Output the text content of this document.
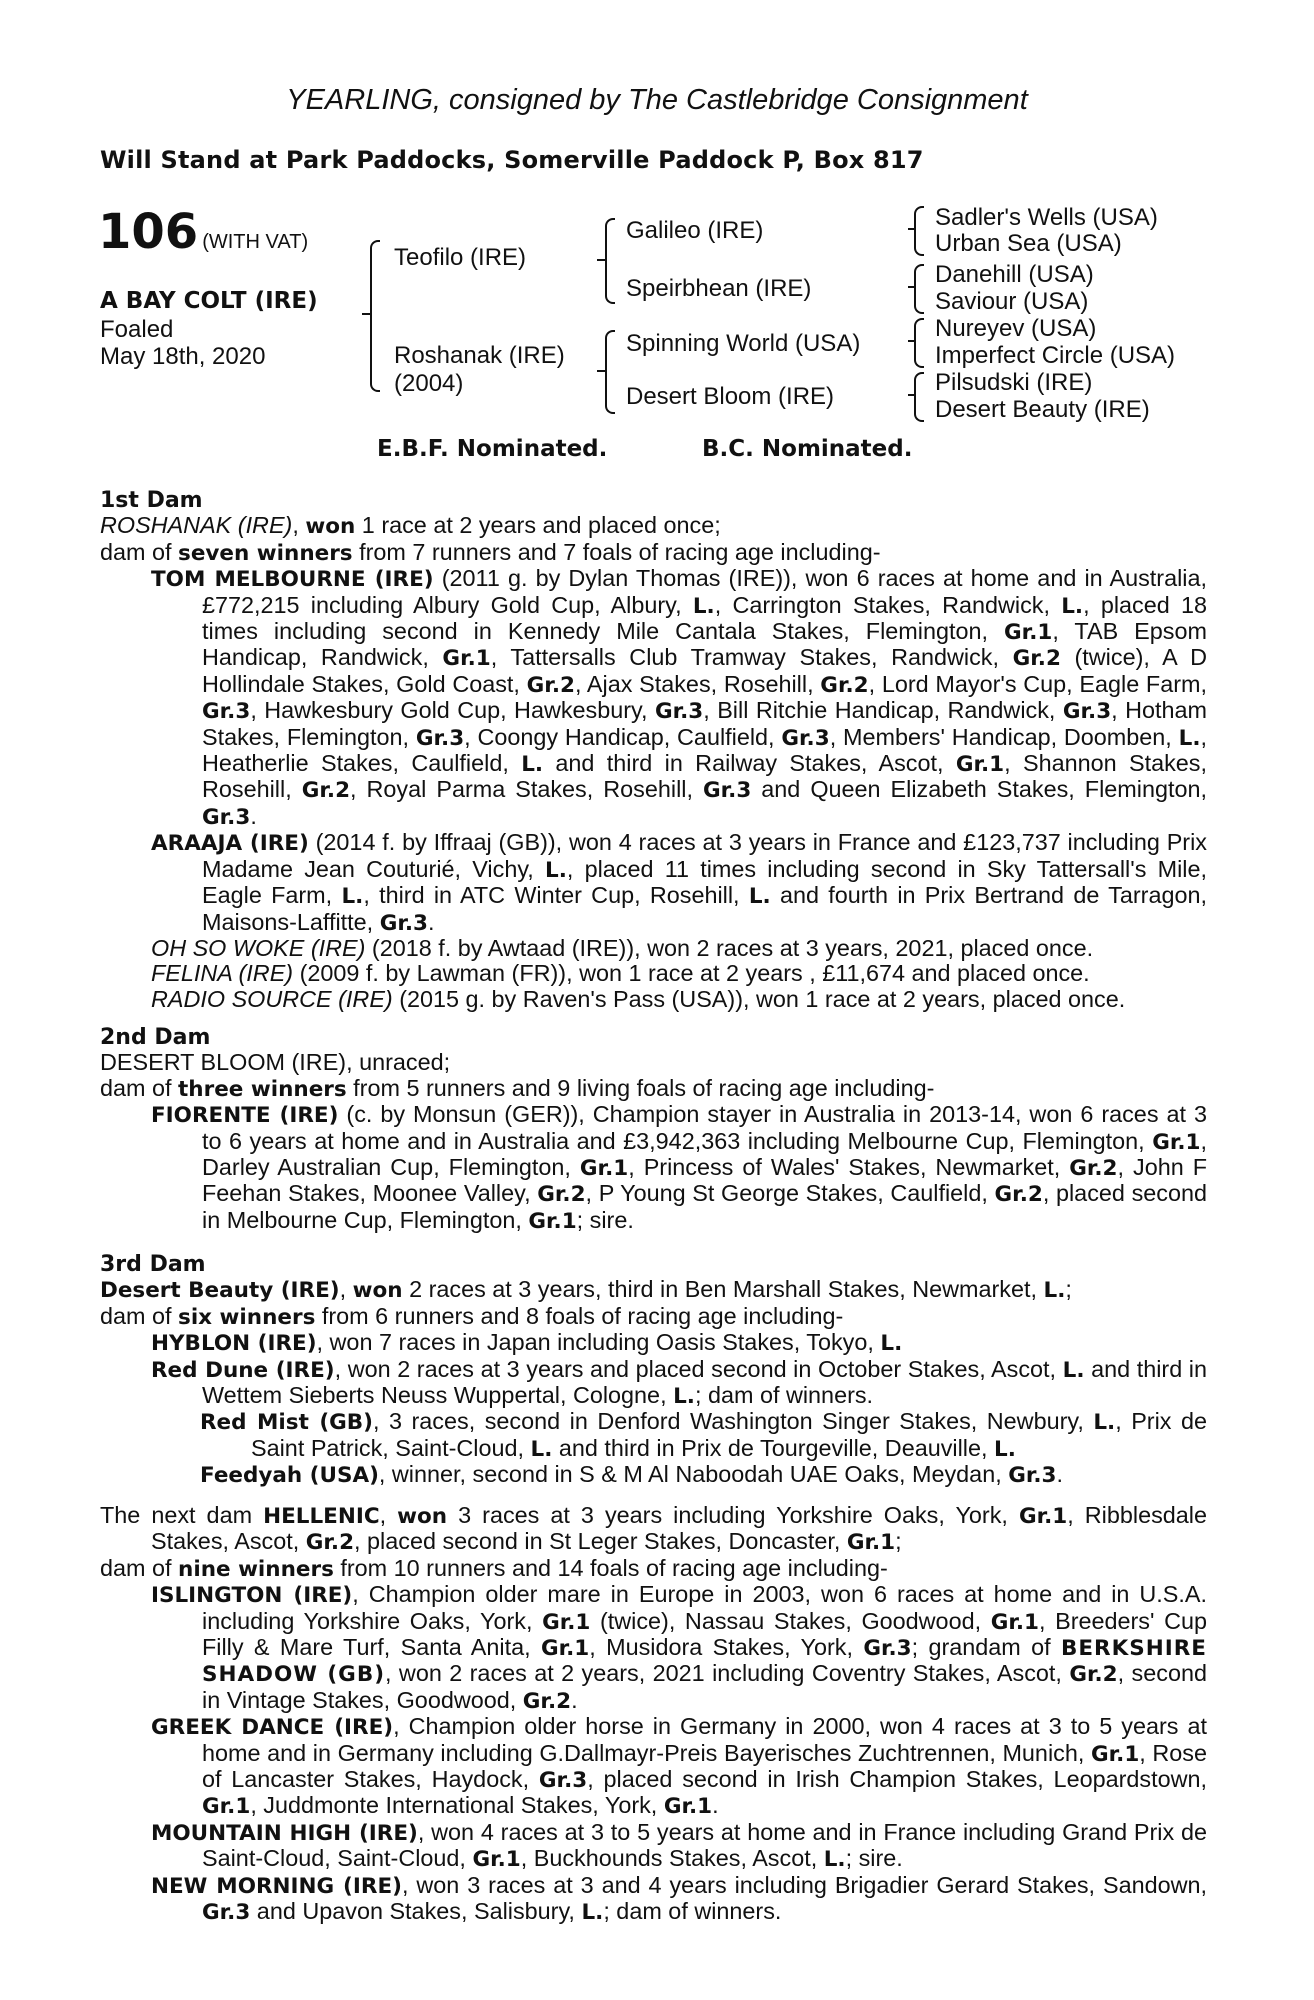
YEARLING, consigned by The Castlebridge Consignment
Will Stand at Park Paddocks, Somerville Paddock P, Box 817
106 (WITH VAT)
A BAY COLT (IRE)
Foaled
May 18th, 2020
Teofilo (IRE)
Roshanak (IRE)
(2004)
Galileo (IRE)
Speirbhean (IRE)
Spinning World (USA)
Desert Bloom (IRE)
Sadler's Wells (USA)
Urban Sea (USA)
Danehill (USA)
Saviour (USA)
Nureyev (USA)
Imperfect Circle (USA)
Pilsudski (IRE)
Desert Beauty (IRE)
E.B.F. Nominated.	B.C. Nominated.
1st Dam
ROSHANAK (IRE), won 1 race at 2 years and placed once;
dam of seven winners from 7 runners and 7 foals of racing age including-
TOM MELBOURNE (IRE) (2011 g. by Dylan Thomas (IRE)), won 6 races at home and in Australia, £772,215 including Albury Gold Cup, Albury, L., Carrington Stakes, Randwick, L., placed 18 times including second in Kennedy Mile Cantala Stakes, Flemington, Gr.1, TAB Epsom Handicap, Randwick, Gr.1, Tattersalls Club Tramway Stakes, Randwick, Gr.2 (twice), A D Hollindale Stakes, Gold Coast, Gr.2, Ajax Stakes, Rosehill, Gr.2, Lord Mayor's Cup, Eagle Farm, Gr.3, Hawkesbury Gold Cup, Hawkesbury, Gr.3, Bill Ritchie Handicap, Randwick, Gr.3, Hotham Stakes, Flemington, Gr.3, Coongy Handicap, Caulfield, Gr.3, Members' Handicap, Doomben, L., Heatherlie Stakes, Caulfield, L. and third in Railway Stakes, Ascot, Gr.1, Shannon Stakes, Rosehill, Gr.2, Royal Parma Stakes, Rosehill, Gr.3 and Queen Elizabeth Stakes, Flemington, Gr.3.
ARAAJA (IRE) (2014 f. by Iffraaj (GB)), won 4 races at 3 years in France and £123,737 including Prix Madame Jean Couturié, Vichy, L., placed 11 times including second in Sky Tattersall's Mile, Eagle Farm, L., third in ATC Winter Cup, Rosehill, L. and fourth in Prix Bertrand de Tarragon, Maisons-Laffitte, Gr.3.
OH SO WOKE (IRE) (2018 f. by Awtaad (IRE)), won 2 races at 3 years, 2021, placed once.
FELINA (IRE) (2009 f. by Lawman (FR)), won 1 race at 2 years , £11,674 and placed once.
RADIO SOURCE (IRE) (2015 g. by Raven's Pass (USA)), won 1 race at 2 years, placed once.
2nd Dam
DESERT BLOOM (IRE), unraced;
dam of three winners from 5 runners and 9 living foals of racing age including-
FIORENTE (IRE) (c. by Monsun (GER)), Champion stayer in Australia in 2013-14, won 6 races at 3 to 6 years at home and in Australia and £3,942,363 including Melbourne Cup, Flemington, Gr.1, Darley Australian Cup, Flemington, Gr.1, Princess of Wales' Stakes, Newmarket, Gr.2, John F Feehan Stakes, Moonee Valley, Gr.2, P Young St George Stakes, Caulfield, Gr.2, placed second in Melbourne Cup, Flemington, Gr.1; sire.
3rd Dam
Desert Beauty (IRE), won 2 races at 3 years, third in Ben Marshall Stakes, Newmarket, L.;
dam of six winners from 6 runners and 8 foals of racing age including-
HYBLON (IRE), won 7 races in Japan including Oasis Stakes, Tokyo, L.
Red Dune (IRE), won 2 races at 3 years and placed second in October Stakes, Ascot, L. and third in Wettem Sieberts Neuss Wuppertal, Cologne, L.; dam of winners.
Red Mist (GB), 3 races, second in Denford Washington Singer Stakes, Newbury, L., Prix de Saint Patrick, Saint-Cloud, L. and third in Prix de Tourgeville, Deauville, L.
Feedyah (USA), winner, second in S & M Al Naboodah UAE Oaks, Meydan, Gr.3.
The next dam HELLENIC, won 3 races at 3 years including Yorkshire Oaks, York, Gr.1, Ribblesdale Stakes, Ascot, Gr.2, placed second in St Leger Stakes, Doncaster, Gr.1;
dam of nine winners from 10 runners and 14 foals of racing age including-
ISLINGTON (IRE), Champion older mare in Europe in 2003, won 6 races at home and in U.S.A. including Yorkshire Oaks, York, Gr.1 (twice), Nassau Stakes, Goodwood, Gr.1, Breeders' Cup Filly & Mare Turf, Santa Anita, Gr.1, Musidora Stakes, York, Gr.3; grandam of BERKSHIRE SHADOW (GB), won 2 races at 2 years, 2021 including Coventry Stakes, Ascot, Gr.2, second in Vintage Stakes, Goodwood, Gr.2.
GREEK DANCE (IRE), Champion older horse in Germany in 2000, won 4 races at 3 to 5 years at home and in Germany including G.Dallmayr-Preis Bayerisches Zuchtrennen, Munich, Gr.1, Rose of Lancaster Stakes, Haydock, Gr.3, placed second in Irish Champion Stakes, Leopardstown, Gr.1, Juddmonte International Stakes, York, Gr.1.
MOUNTAIN HIGH (IRE), won 4 races at 3 to 5 years at home and in France including Grand Prix de Saint-Cloud, Saint-Cloud, Gr.1, Buckhounds Stakes, Ascot, L.; sire.
NEW MORNING (IRE), won 3 races at 3 and 4 years including Brigadier Gerard Stakes, Sandown, Gr.3 and Upavon Stakes, Salisbury, L.; dam of winners.
